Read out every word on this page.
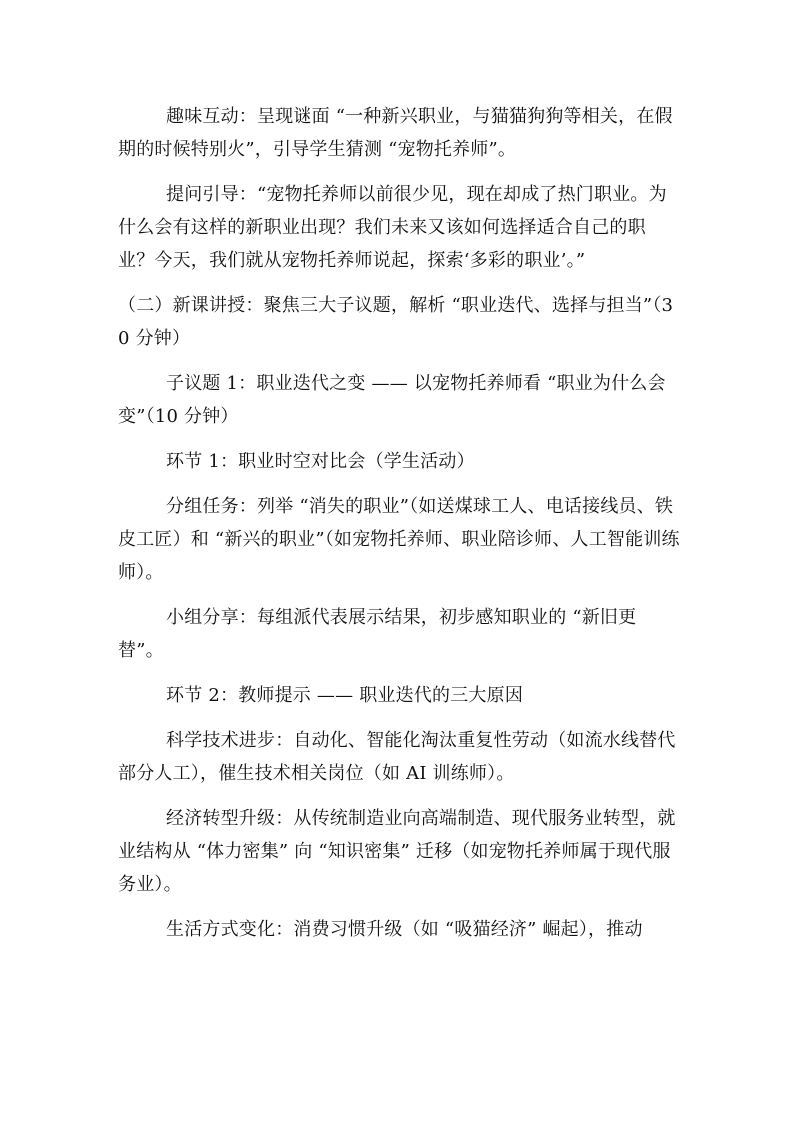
趣味互动：呈现谜面 “一种新兴职业，与猫猫狗狗等相关，在假期的时候特别火”，引导学生猜测 “宠物托养师”。

提问引导：“宠物托养师以前很少见，现在却成了热门职业。为什么会有这样的新职业出现？我们未来又该如何选择适合自己的职业？今天，我们就从宠物托养师说起，探索‘多彩的职业’。”

（二）新课讲授：聚焦三大子议题，解析 “职业迭代、选择与担当”（30 分钟）

子议题 1：职业迭代之变 —— 以宠物托养师看 “职业为什么会变”（10 分钟）

环节 1：职业时空对比会（学生活动）

分组任务：列举 “消失的职业”（如送煤球工人、电话接线员、铁皮工匠）和 “新兴的职业”（如宠物托养师、职业陪诊师、人工智能训练师）。

小组分享：每组派代表展示结果，初步感知职业的 “新旧更替”。

环节 2：教师提示 —— 职业迭代的三大原因

科学技术进步：自动化、智能化淘汰重复性劳动（如流水线替代部分人工），催生技术相关岗位（如 AI 训练师）。

经济转型升级：从传统制造业向高端制造、现代服务业转型，就业结构从 “体力密集” 向 “知识密集” 迁移（如宠物托养师属于现代服务业）。

生活方式变化：消费习惯升级（如 “吸猫经济” 崛起），推动
